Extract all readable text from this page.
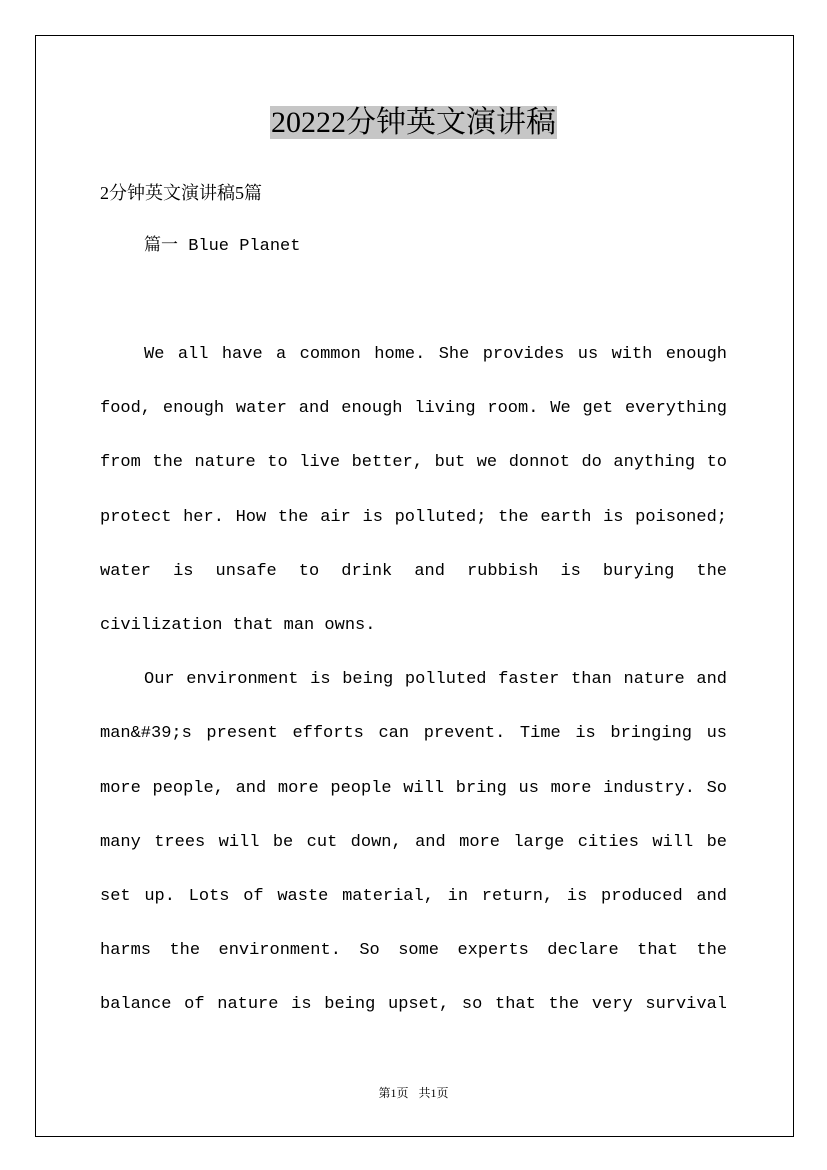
20222分钟英文演讲稿
2分钟英文演讲稿5篇
篇一 Blue Planet
We all have a common home. She provides us with enough
food, enough water and enough living room. We get everything
from the nature to live better, but we donnot do anything to
protect her. How the air is polluted; the earth is poisoned;
water is unsafe to drink and rubbish is burying the
civilization that man owns.
Our environment is being polluted faster than nature and
man&#39;s present efforts can prevent. Time is bringing us
more people, and more people will bring us more industry. So
many trees will be cut down, and more large cities will be
set up. Lots of waste material, in return, is produced and
harms the environment. So some experts declare that the
balance of nature is being upset, so that the very survival
第1页 共1页
